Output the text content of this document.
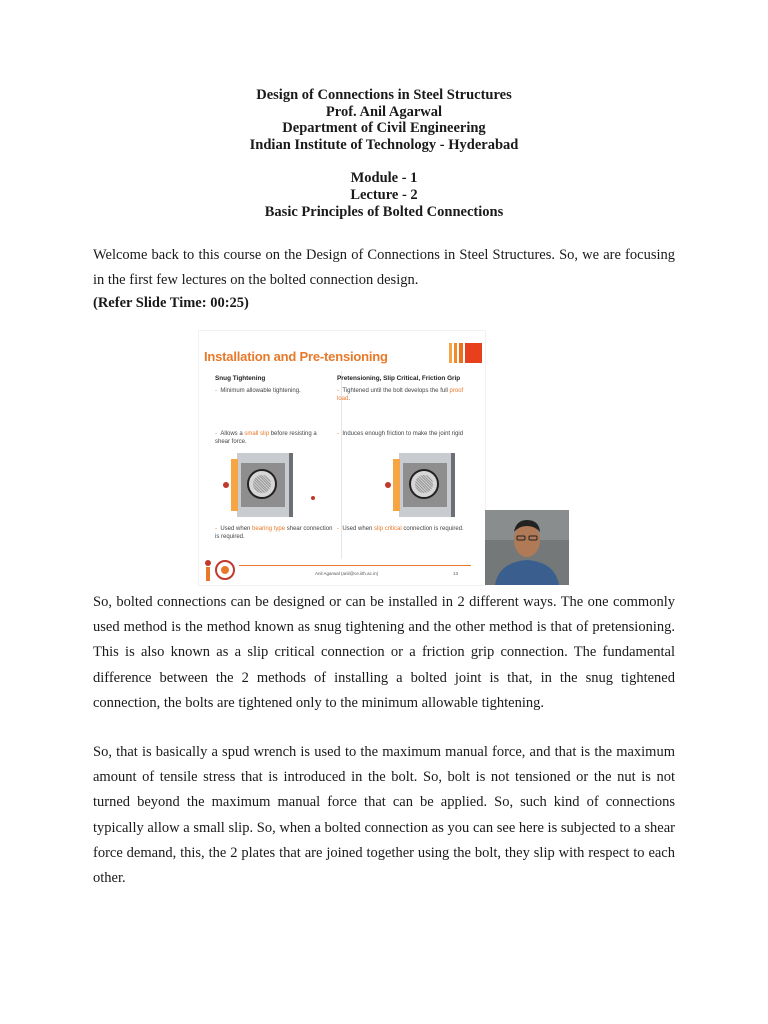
Design of Connections in Steel Structures
Prof. Anil Agarwal
Department of Civil Engineering
Indian Institute of Technology - Hyderabad
Module - 1
Lecture - 2
Basic Principles of Bolted Connections
Welcome back to this course on the Design of Connections in Steel Structures. So, we are focusing in the first few lectures on the bolted connection design.
(Refer Slide Time: 00:25)
Installation and Pre-tensioning
Snug Tightening
-  Minimum allowable tightening.
-  Allows a small slip before resisting a shear force.
-  Used when bearing type shear connection is required.
Pretensioning, Slip Critical, Friction Grip
-  Tightened until the bolt develops the full proof load.
-  Induces enough friction to make the joint rigid
-  Used when slip critical connection is required.
Anil Agarwal (anil@ce.iith.ac.in)	13
So, bolted connections can be designed or can be installed in 2 different ways. The one commonly used method is the method known as snug tightening and the other method is that of pretensioning. This is also known as a slip critical connection or a friction grip connection. The fundamental difference between the 2 methods of installing a bolted joint is that, in the snug tightened connection, the bolts are tightened only to the minimum allowable tightening.
So, that is basically a spud wrench is used to the maximum manual force, and that is the maximum amount of tensile stress that is introduced in the bolt. So, bolt is not tensioned or the nut is not turned beyond the maximum manual force that can be applied. So, such kind of connections typically allow a small slip. So, when a bolted connection as you can see here is subjected to a shear force demand, this, the 2 plates that are joined together using the bolt, they slip with respect to each other.
